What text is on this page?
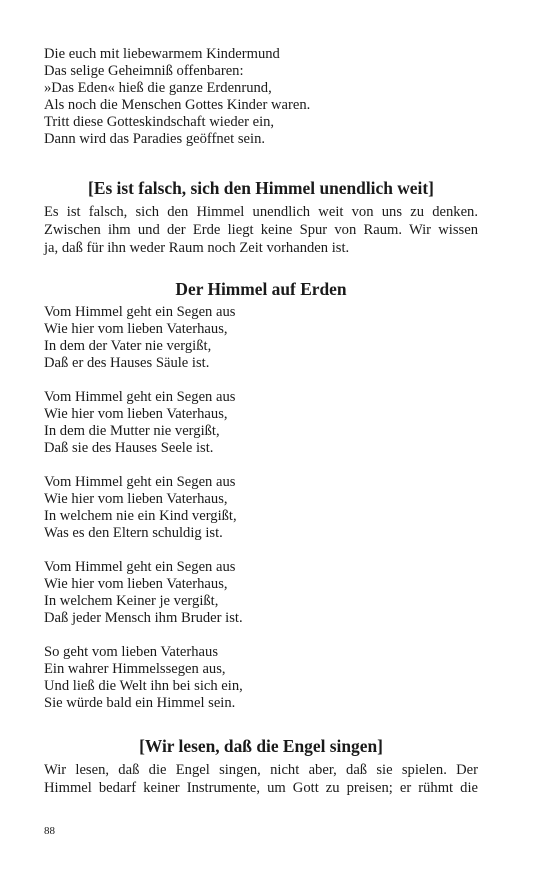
Die euch mit liebewarmem Kindermund
Das selige Geheimniß offenbaren:
»Das Eden« hieß die ganze Erdenrund,
Als noch die Menschen Gottes Kinder waren.
Tritt diese Gotteskindschaft wieder ein,
Dann wird das Paradies geöffnet sein.
[Es ist falsch, sich den Himmel unendlich weit]
Es ist falsch, sich den Himmel unendlich weit von uns zu denken.
Zwischen ihm und der Erde liegt keine Spur von Raum. Wir wissen
ja, daß für ihn weder Raum noch Zeit vorhanden ist.
Der Himmel auf Erden
Vom Himmel geht ein Segen aus
Wie hier vom lieben Vaterhaus,
In dem der Vater nie vergißt,
Daß er des Hauses Säule ist.
Vom Himmel geht ein Segen aus
Wie hier vom lieben Vaterhaus,
In dem die Mutter nie vergißt,
Daß sie des Hauses Seele ist.
Vom Himmel geht ein Segen aus
Wie hier vom lieben Vaterhaus,
In welchem nie ein Kind vergißt,
Was es den Eltern schuldig ist.
Vom Himmel geht ein Segen aus
Wie hier vom lieben Vaterhaus,
In welchem Keiner je vergißt,
Daß jeder Mensch ihm Bruder ist.
So geht vom lieben Vaterhaus
Ein wahrer Himmelssegen aus,
Und ließ die Welt ihn bei sich ein,
Sie würde bald ein Himmel sein.
[Wir lesen, daß die Engel singen]
Wir lesen, daß die Engel singen, nicht aber, daß sie spielen. Der
Himmel bedarf keiner Instrumente, um Gott zu preisen; er rühmt die
88
